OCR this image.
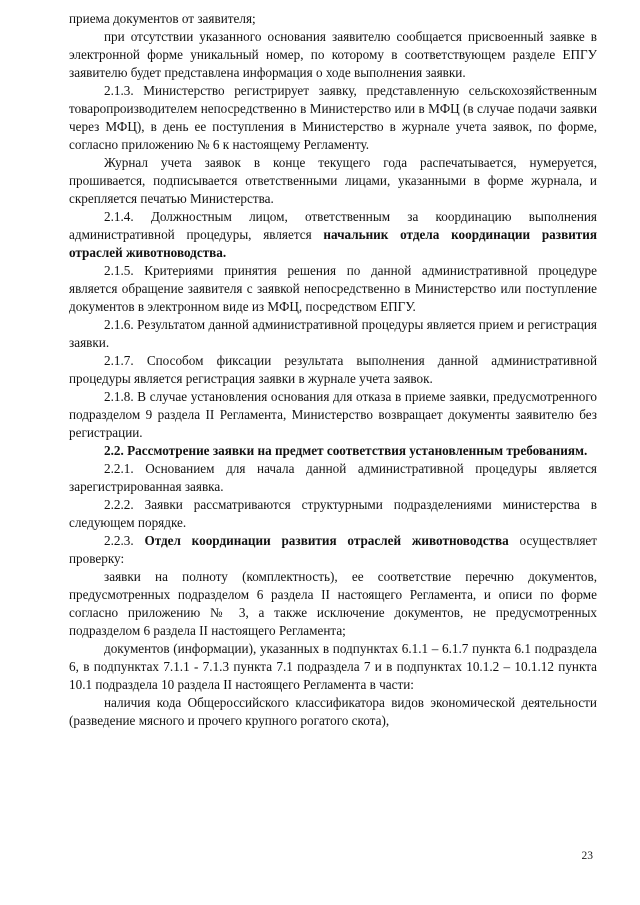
приема документов от заявителя;

при отсутствии указанного основания заявителю сообщается присвоенный заявке в электронной форме уникальный номер, по которому в соответствующем разделе ЕПГУ заявителю будет представлена информация о ходе выполнения заявки.

2.1.3. Министерство регистрирует заявку, представленную сельскохозяйственным товаропроизводителем непосредственно в Министерство или в МФЦ (в случае подачи заявки через МФЦ), в день ее поступления в Министерство в журнале учета заявок, по форме, согласно приложению № 6 к настоящему Регламенту.

Журнал учета заявок в конце текущего года распечатывается, нумеруется, прошивается, подписывается ответственными лицами, указанными в форме журнала, и скрепляется печатью Министерства.

2.1.4. Должностным лицом, ответственным за координацию выполнения административной процедуры, является начальник отдела координации развития отраслей животноводства.

2.1.5. Критериями принятия решения по данной административной процедуре является обращение заявителя с заявкой непосредственно в Министерство или поступление документов в электронном виде из МФЦ, посредством ЕПГУ.

2.1.6. Результатом данной административной процедуры является прием и регистрация заявки.

2.1.7. Способом фиксации результата выполнения данной административной процедуры является регистрация заявки в журнале учета заявок.

2.1.8. В случае установления основания для отказа в приеме заявки, предусмотренного подразделом 9 раздела II Регламента, Министерство возвращает документы заявителю без регистрации.

2.2. Рассмотрение заявки на предмет соответствия установленным требованиям.

2.2.1. Основанием для начала данной административной процедуры является зарегистрированная заявка.

2.2.2. Заявки рассматриваются структурными подразделениями министерства в следующем порядке.

2.2.3. Отдел координации развития отраслей животноводства осуществляет проверку:

заявки на полноту (комплектность), ее соответствие перечню документов, предусмотренных подразделом 6 раздела II настоящего Регламента, и описи по форме согласно приложению № 3, а также исключение документов, не предусмотренных подразделом 6 раздела II настоящего Регламента;

документов (информации), указанных в подпунктах 6.1.1 – 6.1.7 пункта 6.1 подраздела 6, в подпунктах 7.1.1 - 7.1.3 пункта 7.1 подраздела 7 и в подпунктах 10.1.2 – 10.1.12 пункта 10.1 подраздела 10 раздела II настоящего Регламента в части:

наличия кода Общероссийского классификатора видов экономической деятельности (разведение мясного и прочего крупного рогатого скота),

23
